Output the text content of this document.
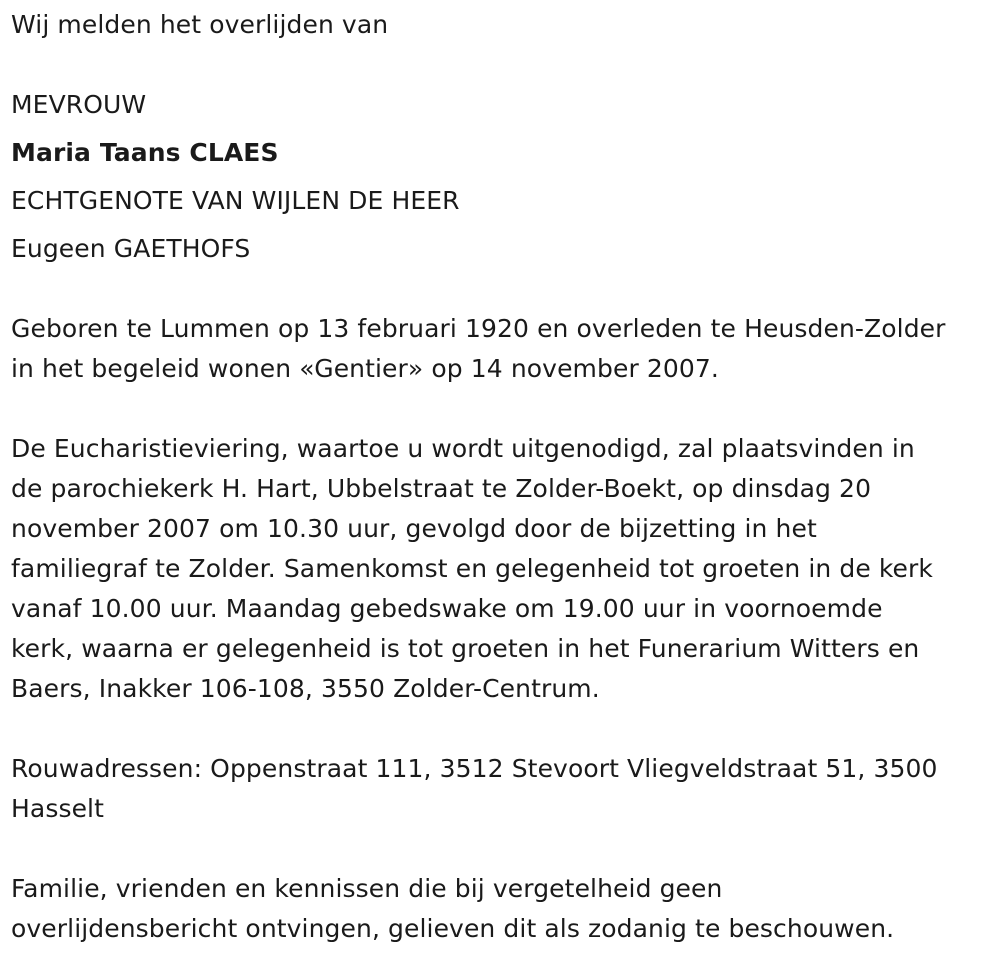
Wij melden het overlijden van
MEVROUW
Maria Taans CLAES
ECHTGENOTE VAN WIJLEN DE HEER
Eugeen GAETHOFS
Geboren te Lummen op 13 februari 1920 en overleden te Heusden-Zolder
in het begeleid wonen «Gentier» op 14 november 2007.
De Eucharistieviering, waartoe u wordt uitgenodigd, zal plaatsvinden in
de parochiekerk H. Hart, Ubbelstraat te Zolder-Boekt, op dinsdag 20
november 2007 om 10.30 uur, gevolgd door de bijzetting in het
familiegraf te Zolder. Samenkomst en gelegenheid tot groeten in de kerk
vanaf 10.00 uur. Maandag gebedswake om 19.00 uur in voornoemde
kerk, waarna er gelegenheid is tot groeten in het Funerarium Witters en
Baers, Inakker 106-108, 3550 Zolder-Centrum.
Rouwadressen: Oppenstraat 111, 3512 Stevoort Vliegveldstraat 51, 3500
Hasselt
Familie, vrienden en kennissen die bij vergetelheid geen
overlijdensbericht ontvingen, gelieven dit als zodanig te beschouwen.
